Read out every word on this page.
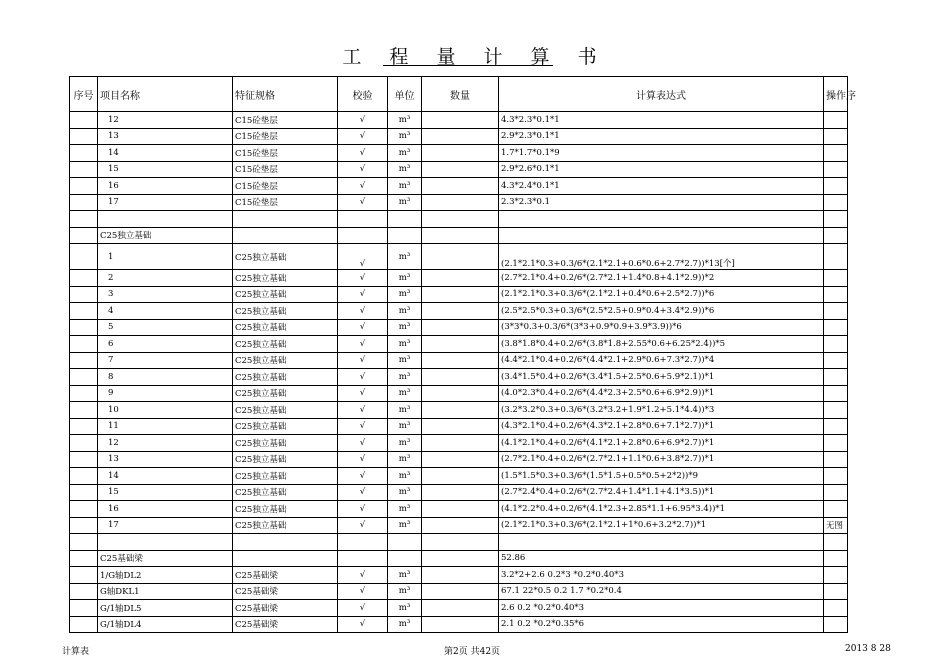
工 程 量 计 算 书
序号	项目名称	特征规格	校验	单位	数量	计算表达式	操作序
	12	C15砼垫层	√	m³		4.3*2.3*0.1*1	
	13	C15砼垫层	√	m³		2.9*2.3*0.1*1	
	14	C15砼垫层	√	m³		1.7*1.7*0.1*9	
	15	C15砼垫层	√	m³		2.9*2.6*0.1*1	
	16	C15砼垫层	√	m³		4.3*2.4*0.1*1	
	17	C15砼垫层	√	m³		2.3*2.3*0.1	

	C25独立基础						
	1	C25独立基础	√	m³		(2.1*2.1*0.3+0.3/6*(2.1*2.1+0.6*0.6+2.7*2.7))*13[个]	
	2	C25独立基础	√	m³		(2.7*2.1*0.4+0.2/6*(2.7*2.1+1.4*0.8+4.1*2.9))*2	
	3	C25独立基础	√	m³		(2.1*2.1*0.3+0.3/6*(2.1*2.1+0.4*0.6+2.5*2.7))*6	
	4	C25独立基础	√	m³		(2.5*2.5*0.3+0.3/6*(2.5*2.5+0.9*0.4+3.4*2.9))*6	
	5	C25独立基础	√	m³		(3*3*0.3+0.3/6*(3*3+0.9*0.9+3.9*3.9))*6	
	6	C25独立基础	√	m³		(3.8*1.8*0.4+0.2/6*(3.8*1.8+2.55*0.6+6.25*2.4))*5	
	7	C25独立基础	√	m³		(4.4*2.1*0.4+0.2/6*(4.4*2.1+2.9*0.6+7.3*2.7))*4	
	8	C25独立基础	√	m³		(3.4*1.5*0.4+0.2/6*(3.4*1.5+2.5*0.6+5.9*2.1))*1	
	9	C25独立基础	√	m³		(4.0*2.3*0.4+0.2/6*(4.4*2.3+2.5*0.6+6.9*2.9))*1	
	10	C25独立基础	√	m³		(3.2*3.2*0.3+0.3/6*(3.2*3.2+1.9*1.2+5.1*4.4))*3	
	11	C25独立基础	√	m³		(4.3*2.1*0.4+0.2/6*(4.3*2.1+2.8*0.6+7.1*2.7))*1	
	12	C25独立基础	√	m³		(4.1*2.1*0.4+0.2/6*(4.1*2.1+2.8*0.6+6.9*2.7))*1	
	13	C25独立基础	√	m³		(2.7*2.1*0.4+0.2/6*(2.7*2.1+1.1*0.6+3.8*2.7))*1	
	14	C25独立基础	√	m³		(1.5*1.5*0.3+0.3/6*(1.5*1.5+0.5*0.5+2*2))*9	
	15	C25独立基础	√	m³		(2.7*2.4*0.4+0.2/6*(2.7*2.4+1.4*1.1+4.1*3.5))*1	
	16	C25独立基础	√	m³		(4.1*2.2*0.4+0.2/6*(4.1*2.3+2.85*1.1+6.95*3.4))*1	
	17	C25独立基础	√	m³		(2.1*2.1*0.3+0.3/6*(2.1*2.1+1*0.6+3.2*2.7))*1	无图

	C25基础梁					52.86	
	1/G轴DL2	C25基础梁	√	m³		3.2*2+2.6 0.2*3 *0.2*0.40*3	
	G轴DKL1	C25基础梁	√	m³		67.1 22*0.5 0.2 1.7 *0.2*0.4	
	G/1轴DL5	C25基础梁	√	m³		2.6 0.2 *0.2*0.40*3	
	G/1轴DL4	C25基础梁	√	m³		2.1 0.2 *0.2*0.35*6	
计算表	第2页 共42页	2013 8 28
